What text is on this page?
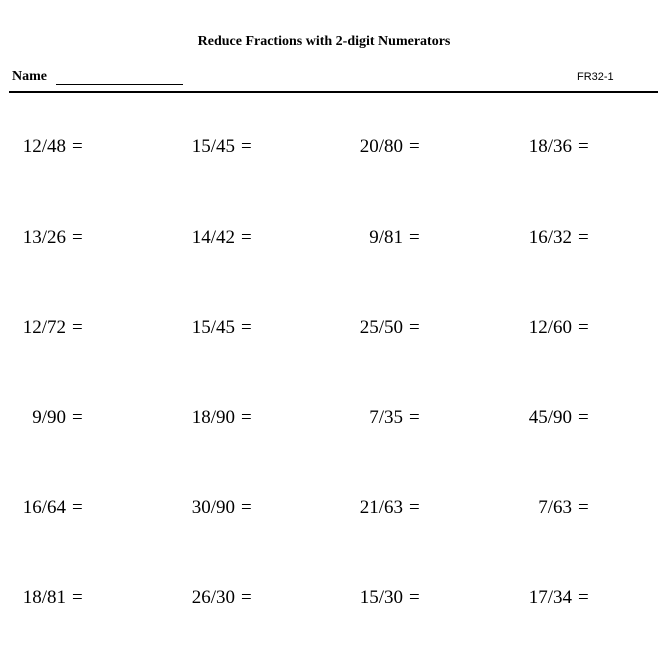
Reduce Fractions with 2-digit Numerators
Name	FR32-1
12/48 =	15/45 =	20/80 =	18/36 =
13/26 =	14/42 =	9/81 =	16/32 =
12/72 =	15/45 =	25/50 =	12/60 =
9/90 =	18/90 =	7/35 =	45/90 =
16/64 =	30/90 =	21/63 =	7/63 =
18/81 =	26/30 =	15/30 =	17/34 =
